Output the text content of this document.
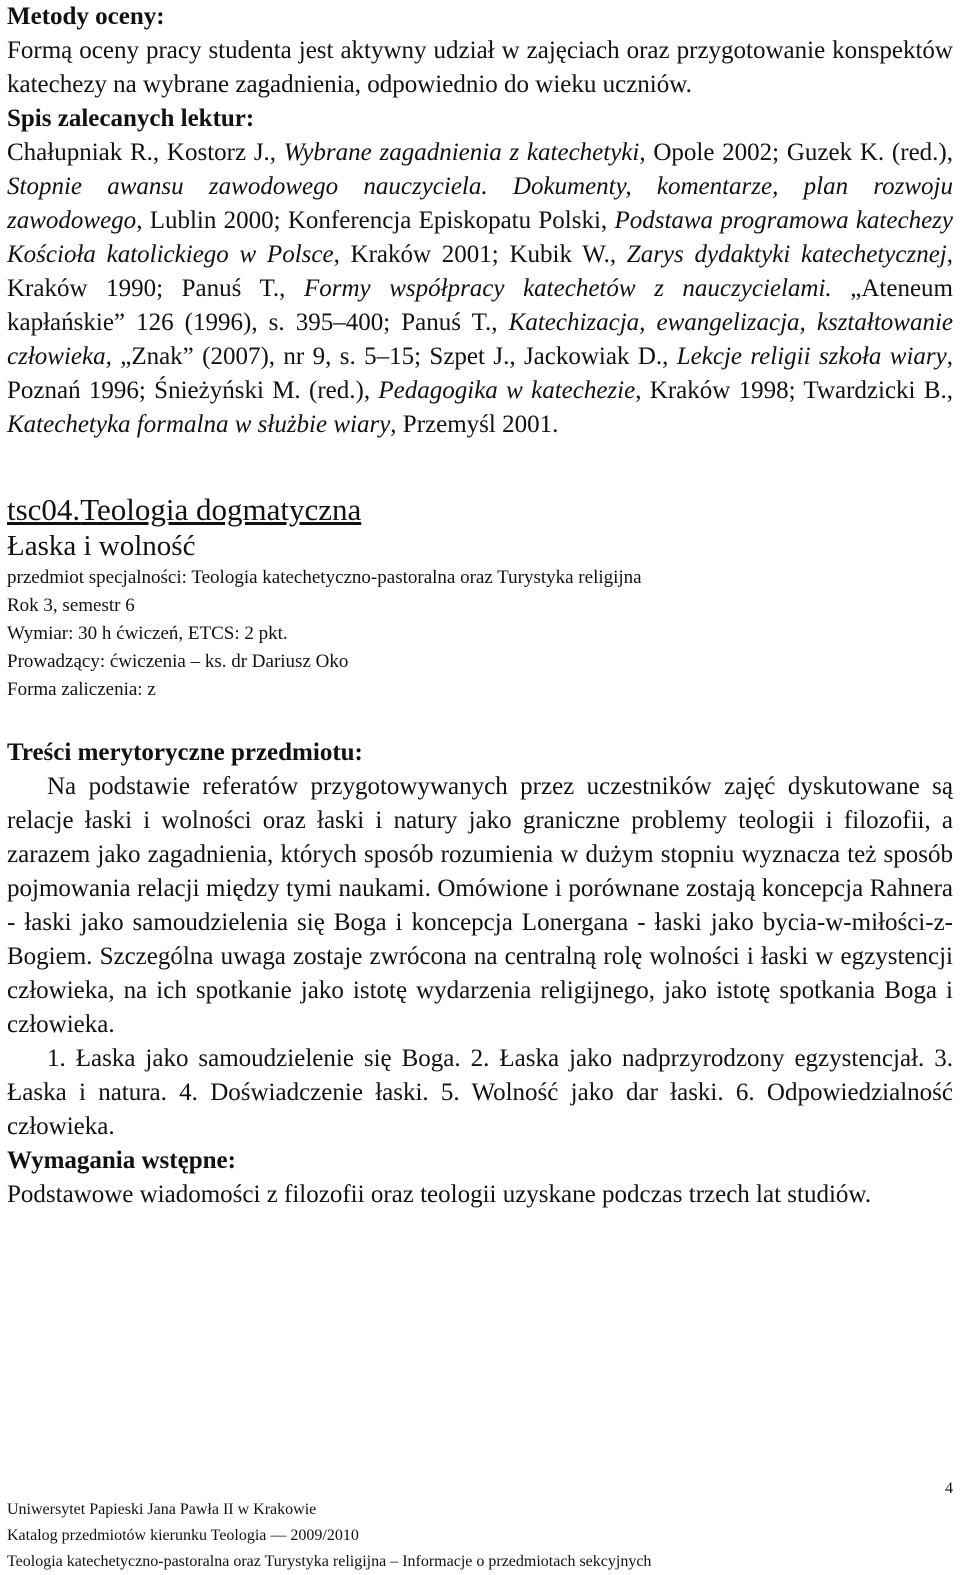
Metody oceny:

Formą oceny pracy studenta jest aktywny udział w zajęciach oraz przygotowanie konspektów katechezy na wybrane zagadnienia, odpowiednio do wieku uczniów.

Spis zalecanych lektur:

Chałupniak R., Kostorz J., Wybrane zagadnienia z katechetyki, Opole 2002; Guzek K. (red.), Stopnie awansu zawodowego nauczyciela. Dokumenty, komentarze, plan rozwoju zawodowego, Lublin 2000; Konferencja Episkopatu Polski, Podstawa programowa katechezy Kościoła katolickiego w Polsce, Kraków 2001; Kubik W., Zarys dydaktyki katechetycznej, Kraków 1990; Panuś T., Formy współpracy katechetów z nauczycielami. „Ateneum kapłańskie” 126 (1996), s. 395–400; Panuś T., Katechizacja, ewangelizacja, kształtowanie człowieka, „Znak” (2007), nr 9, s. 5–15; Szpet J., Jackowiak D., Lekcje religii szkoła wiary, Poznań 1996; Śnieżyński M. (red.), Pedagogika w katechezie, Kraków 1998; Twardzicki B., Katechetyka formalna w służbie wiary, Przemyśl 2001.

tsc04.Teologia dogmatyczna

Łaska i wolność

przedmiot specjalności: Teologia katechetyczno-pastoralna oraz Turystyka religijna

Rok 3, semestr 6

Wymiar: 30 h ćwiczeń, ETCS: 2 pkt.

Prowadzący: ćwiczenia – ks. dr Dariusz Oko

Forma zaliczenia: z

Treści merytoryczne przedmiotu:

Na podstawie referatów przygotowywanych przez uczestników zajęć dyskutowane są relacje łaski i wolności oraz łaski i natury jako graniczne problemy teologii i filozofii, a zarazem jako zagadnienia, których sposób rozumienia w dużym stopniu wyznacza też sposób pojmowania relacji między tymi naukami. Omówione i porównane zostają koncepcja Rahnera - łaski jako samoudzielenia się Boga i koncepcja Lonergana - łaski jako bycia-w-miłości-z-Bogiem. Szczególna uwaga zostaje zwrócona na centralną rolę wolności i łaski w egzystencji człowieka, na ich spotkanie jako istotę wydarzenia religijnego, jako istotę spotkania Boga i człowieka.

1. Łaska jako samoudzielenie się Boga. 2. Łaska jako nadprzyrodzony egzystencjał. 3. Łaska i natura. 4. Doświadczenie łaski. 5. Wolność jako dar łaski. 6. Odpowiedzialność człowieka.

Wymagania wstępne:

Podstawowe wiadomości z filozofii oraz teologii uzyskane podczas trzech lat studiów.

4
Uniwersytet Papieski Jana Pawła II w Krakowie
Katalog przedmiotów kierunku Teologia — 2009/2010
Teologia katechetyczno-pastoralna oraz Turystyka religijna – Informacje o przedmiotach sekcyjnych
